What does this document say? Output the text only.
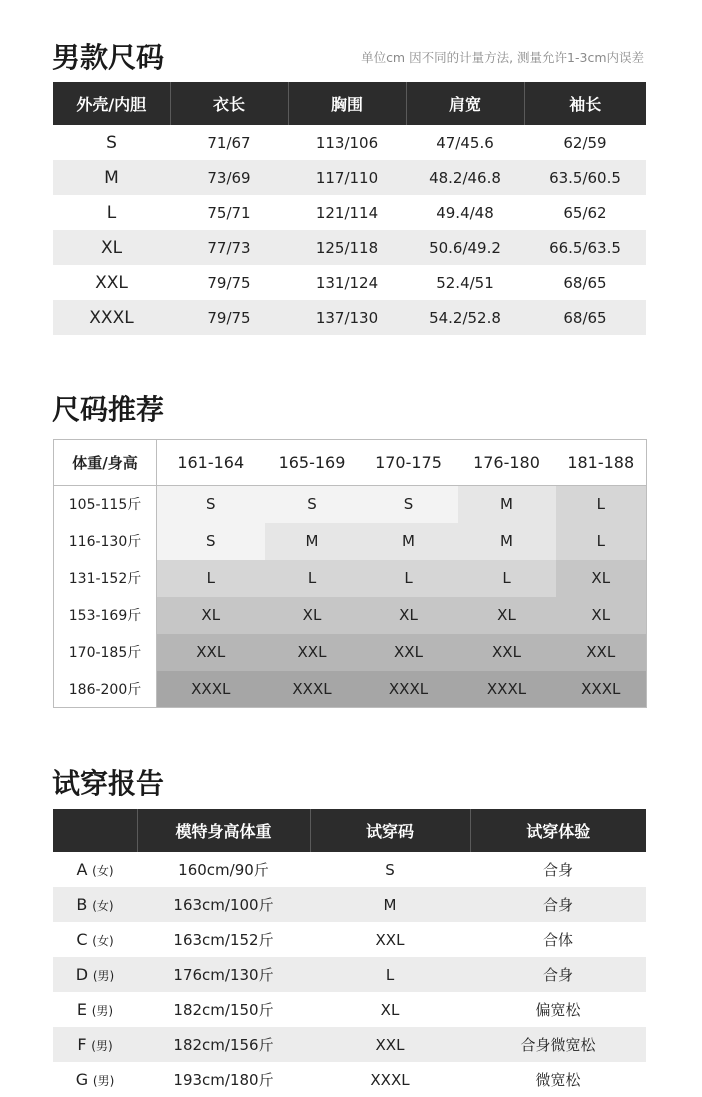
男款尺码	单位cm 因不同的计量方法, 测量允许1-3cm内误差
外壳/内胆	衣长	胸围	肩宽	袖长
S	71/67	113/106	47/45.6	62/59
M	73/69	117/110	48.2/46.8	63.5/60.5
L	75/71	121/114	49.4/48	65/62
XL	77/73	125/118	50.6/49.2	66.5/63.5
XXL	79/75	131/124	52.4/51	68/65
XXXL	79/75	137/130	54.2/52.8	68/65
尺码推荐
体重/身高	161-164	165-169	170-175	176-180	181-188
105-115斤	S	S	S	M	L
116-130斤	S	M	M	M	L
131-152斤	L	L	L	L	XL
153-169斤	XL	XL	XL	XL	XL
170-185斤	XXL	XXL	XXL	XXL	XXL
186-200斤	XXXL	XXXL	XXXL	XXXL	XXXL
试穿报告
	模特身高体重	试穿码	试穿体验
A (女)	160cm/90斤	S	合身
B (女)	163cm/100斤	M	合身
C (女)	163cm/152斤	XXL	合体
D (男)	176cm/130斤	L	合身
E (男)	182cm/150斤	XL	偏宽松
F (男)	182cm/156斤	XXL	合身微宽松
G (男)	193cm/180斤	XXXL	微宽松
